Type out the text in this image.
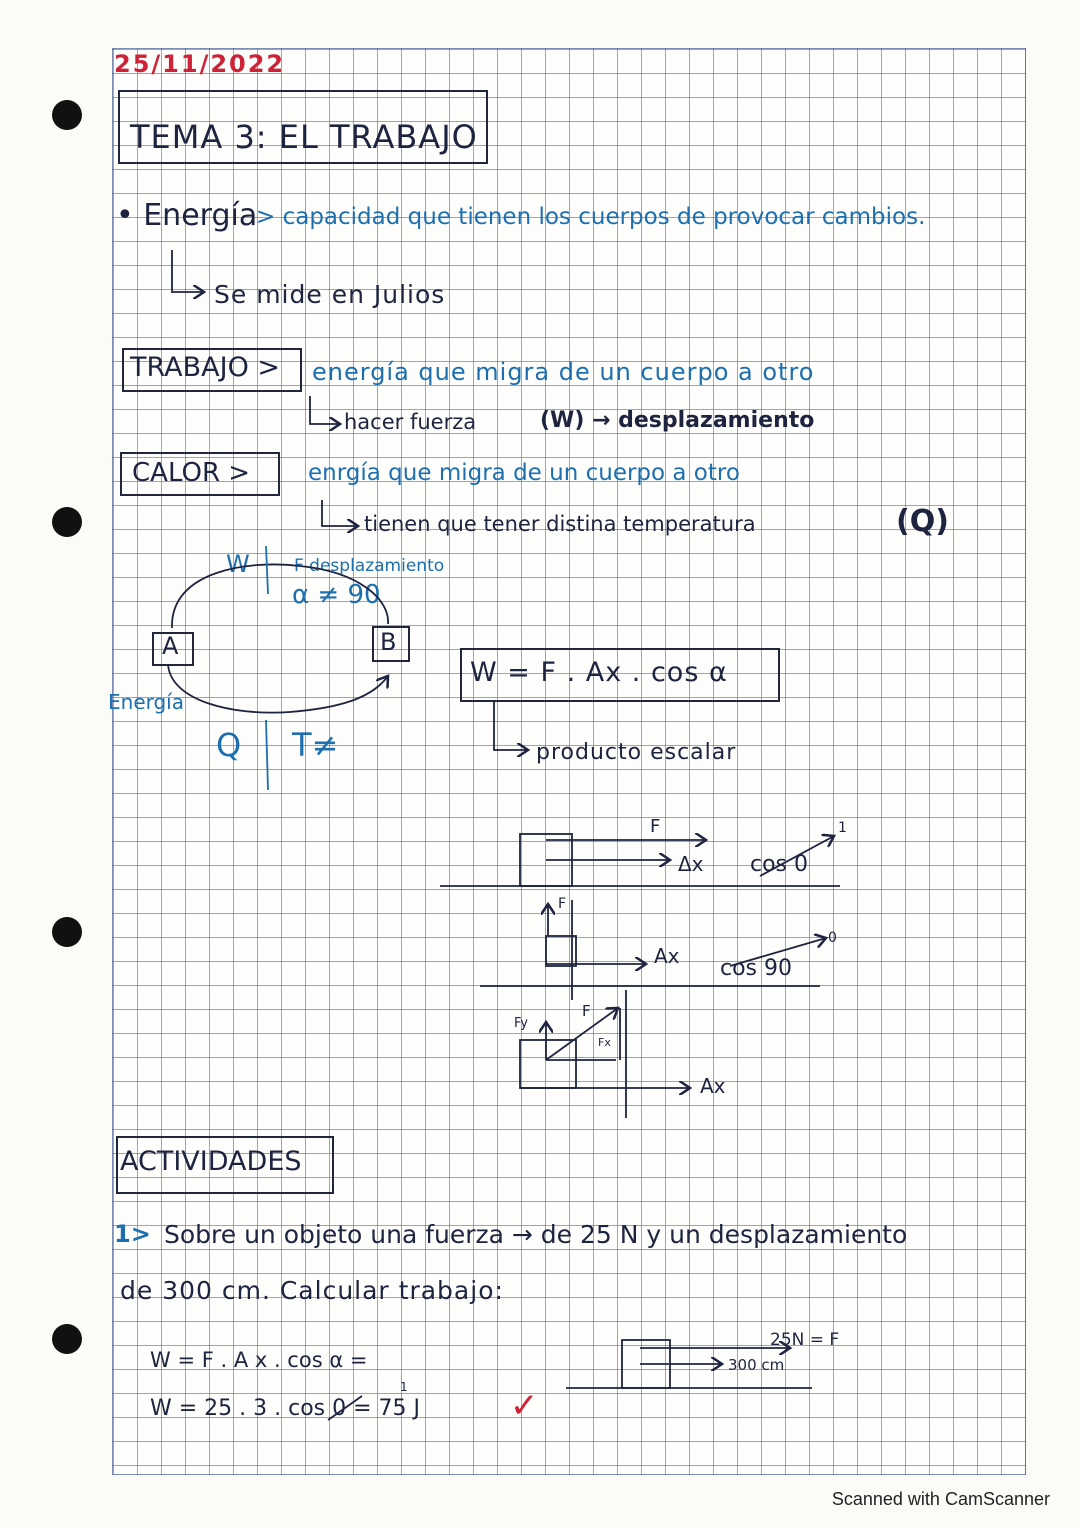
25/11/2022
TEMA 3: EL TRABAJO
• Energía
> capacidad que tienen los cuerpos de provocar cambios.
Se mide en Julios
TRABAJO > energía que migra de un cuerpo a otro
hacer fuerza	(W) → desplazamiento
CALOR >	enrgía que migra de un cuerpo a otro
tienen que tener distina temperatura	(Q)
W	F desplazamiento
α ≠ 90
A	B
Energía
Q T≠
W = F . Ax . cos α
producto escalar
F
Δx cos 0
1
F
Ax cos 90
0
Fy
F
Fx
Ax
ACTIVIDADES
1> Sobre un objeto una fuerza → de 25 N y un desplazamiento
de 300 cm. Calcular trabajo:
W = F . A x . cos α =
W = 25 . 3 . cos 0 = 75 J	✓
1
25N = F
300 cm
Scanned with CamScanner
